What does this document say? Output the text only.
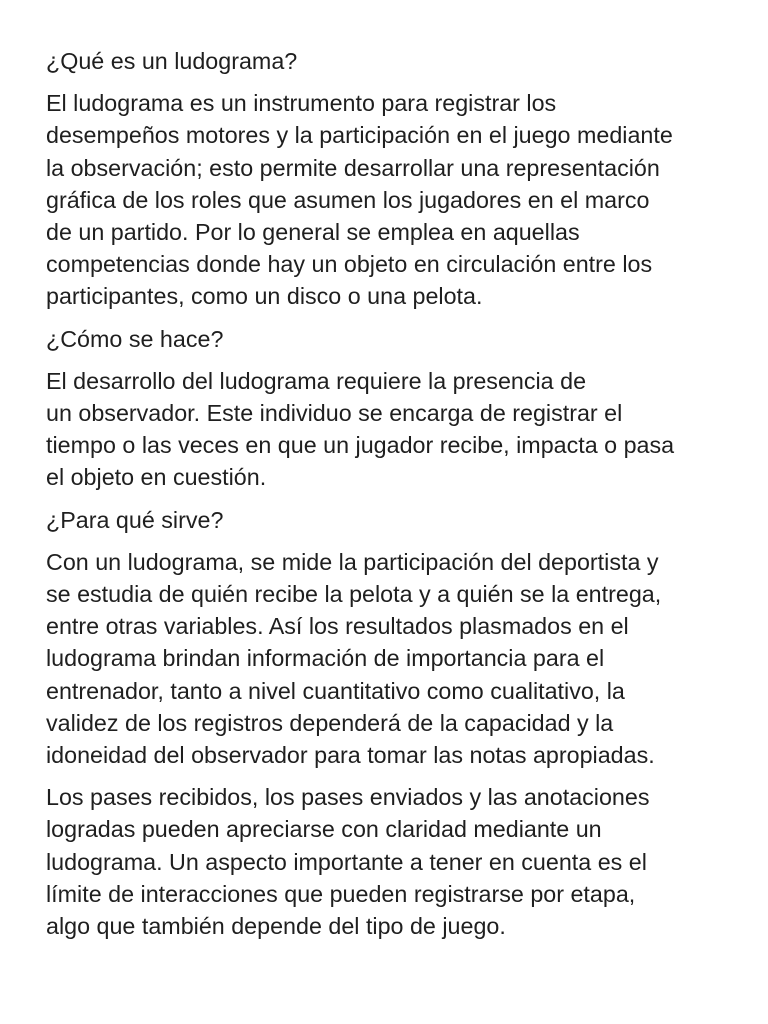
¿Qué es un ludograma?

El ludograma es un instrumento para registrar los
desempeños motores y la participación en el juego mediante
la observación; esto permite desarrollar una representación
gráfica de los roles que asumen los jugadores en el marco
de un partido. Por lo general se emplea en aquellas
competencias donde hay un objeto en circulación entre los
participantes, como un disco o una pelota.

¿Cómo se hace?

El desarrollo del ludograma requiere la presencia de
un observador. Este individuo se encarga de registrar el
tiempo o las veces en que un jugador recibe, impacta o pasa
el objeto en cuestión.

¿Para qué sirve?

Con un ludograma, se mide la participación del deportista y
se estudia de quién recibe la pelota y a quién se la entrega,
entre otras variables. Así los resultados plasmados en el
ludograma brindan información de importancia para el
entrenador, tanto a nivel cuantitativo como cualitativo, la
validez de los registros dependerá de la capacidad y la
idoneidad del observador para tomar las notas apropiadas.

Los pases recibidos, los pases enviados y las anotaciones
logradas pueden apreciarse con claridad mediante un
ludograma. Un aspecto importante a tener en cuenta es el
límite de interacciones que pueden registrarse por etapa,
algo que también depende del tipo de juego.
